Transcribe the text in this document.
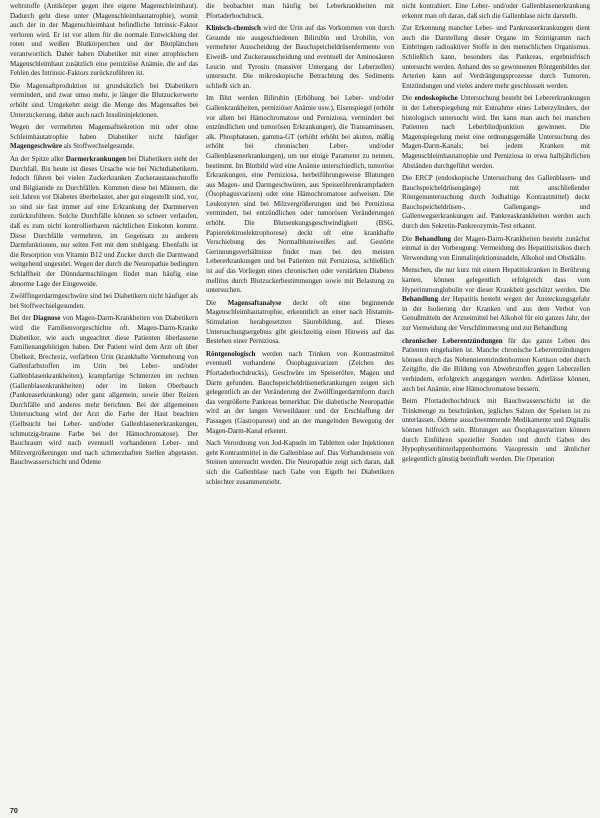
wehrstoffe (Antikörper gegen ihre eigene Magenschleimhaut). Dadurch geht diese unter (Magenschleimhautatrophie), womit auch der in der Magenschleimhaut befindliche Intrinsic-Faktor verloren wird. Er ist vor allem für die normale Entwicklung der roten und weißen Blutkörperchen und der Blutplättchen verantwortlich. Daher haben Diabetiker mit einer atrophischen Magenschleimhaut zusätzlich eine perniziöse Anämie, die auf das Fehlen des Intrinsic-Faktors zurückzuführen ist.

Die Magensaftproduktion ist grundsätzlich bei Diabetikern vermindert, und zwar umso mehr, je länger die Blutzuckerwerte erhöht sind. Umgekehrt steigt die Menge des Magensaftes bei Unterzuckerung, daher auch nach Insulininjektionen.

Wegen der vermehrten Magensaftsekretion mit oder ohne Schleimhautatrophie haben Diabetiker nicht häufiger Magengeschwüre als Stoffwechselgesunde.

An der Spitze aller Darmerkrankungen bei Diabetikern steht der Durchfall. Bis heute ist dieses Ursache wie bei Nichtdiabetikern. Jedoch führen bei vielen Zuckerkranken Zuckeraustauschstoffe und Bilguanide zu Durchfällen. Kommen diese bei Männern, die seit Jahren vor Diabetes überbelastet, aber gut eingestellt sind, vor, so sind sie fast immer auf eine Erkrankung der Darmnerven zurückzuführen. Solche Durchfälle können so schwer verlaufen, daß es zum nicht kontrollierbaren nächtlichen Einkoten kommt. Diese Durchfälle vermehren, im Gegensatz zu anderen Darmfunktionen, nur selten Fett mit dem stuhlgang. Ebenfalls ist die Resorption von Vitamin B12 und Zucker durch die Darmwand weitgehend ungestört. Wegen der durch die Neuropathie bedingten Schlaffheit der Dünndarmschlingen findet man häufig eine abnorme Lage der Eingeweide.

Zwölffingerdarmgeschwüre sind bei Diabetikern nicht häufiger als bei Stoffwechselgesunden.

Bei der Diagnose von Magen-Darm-Krankheiten von Diabetikern wird die Familienvorgeschichte oft. Magen-Darm-Kranke Diabetiker, wie auch ungeachtet diese Patienten überlassene Familienangehörigen haben. Der Patient wird dem Arzt oft über Übelkeit, Brechreiz, verfärbten Urin (krankhafte Vermehrung von Gallenfarbstoffen im Urin bei Leber- und/oder Gallenblasenkrankheiten), krampfartige Schmerzen im rechten (Gallenblasenkrankheiten) oder im linken Oberbauch (Pankreaserkrankung) oder ganz allgemein, sowie über Reizen Durchfälle und anderes mehr berichten. Bei der allgemeinen Untersuchung wird der Arzt die Farbe der Haut beachten (Gelbsucht bei Leber- und/oder Gallenblasenerkrankungen, schmutzig-braune Farbe bei der Hämochromatose). Der Bauchraum wird nach eventuell vorhandenen Leber- und Milzvergrößerungen und nach schmerzhaften Stellen abgetastet. Bauchwasserschicht und Ödeme

die beobachtet man häufig bei Leberkrankheiten mit Pfortaderhochdruck.

Klinisch-chemisch wird der Urin auf das Vorkommen von durch Gesunde nie ausgeschiedenen Bilirubin und Urobilin, von vermehrter Ausscheidung der Bauchspeicheldrüsenfermente von Eiweiß- und Zuckerausscheidung und eventuell der Aminosäuren Leucin und Tyrosin (massiver Untergang der Leberzellen) untersucht. Die mikroskopische Betrachtung des Sediments schließt sich an.

Im Blut werden Bilirubin (Erhöhung bei Leber- und/oder Gallenkrankheiten, perniziöser Anämie usw.), Eisenspiegel (erhöht vor allem bei Hämochromatose und Perniziosa, vermindert bei entzündlichen und tumorösen Erkrankungen), die Transaminasen, alk. Phosphatasen, gamma-GT (erhöht erhöht bei akuten, mäßig erhöht bei chronischen Leber- und/oder Gallenblasenerkrankungen), um nur einige Parameter zu nennen, bestimmt. Im Blutbild wird eine Anämie unterschiedlich, tumoröse Erkrankungen, eine Perniziosa, herbeiführungsweise Blutungen aus Magen- und Darmgeschwüren, aus Speiseröhrenkrampfadern (Ösophagusvarizen) oder eine Hämochromatose aufweisen. Die Leukozyten sind bei Milzvergrößerungen und bei Perniziosa vermindert, bei entzündlichen oder tumorösen Veränderungen erhöht. Die Blutsenkungsgeschwindigkeit (BSG, Papierelektroelektrophorese) deckt oft eine krankhafte Verschiebung des Normalbluteiweißes auf. Gestörte Gerinnungsverhältnisse findet man bei den meisten Lebererkrankungen und bei Patienten mit Perniziosa, schließlich ist auf das Vorliegen eines chronischen oder verstärkten Diabetes mellitus durch Blutzuckerbestimmungen sowie mit Belastung zu untersuchen.

Die Magensaftanalyse deckt oft eine beginnende Magenschleimhautatrophie, erkenntlich an einer nach Histamin-Stimulation herabgesetzten Säurebildung, auf. Dieses Untersuchungsergebnis gibt gleichzeitig einen Hinweis auf das Bestehen einer Perniziosa.

Röntgenologisch werden nach Trinken von Kontrastmittel eventuell vorhandene Ösophagusvarizen (Zeichen des Pfortaderhochdrucks), Geschwüre im Speiseröhre, Magen und Darm gefunden. Bauchspeicheldrüsenerkrankungen zeigen sich gelegentlich an der Veränderung der Zwölffingerdarmform durch das vergrößerte Pankreas bemerkbar. Die diabetische Neuropathie wird an der langen Verweildauer und der Erschlaffung der Passagen (Gastroparese) und an der mangelnden Bewegung der Magen-Darm-Kanal erkennt.

Nach Verordnung von Jod-Kapseln im Tabletten oder Injektionen geht Kontrastmittel in die Gallenblase auf. Das Vorhandensein von Steinen untersucht werden. Die Neuropathie zeigt sich daran, daß sich die Gallenblase nach Gabe von Eigelb bei Diabetikern schlechter zusammenzieht.

nicht kontrahiert. Eine Leber- und/oder Gallenblasenerkrankung erkennt man oft daran, daß sich die Gallenblase nicht darstellt.

Zur Erkennung mancher Leber- und Pankreaserkrankungen dient auch die Darstellung dieser Organe im Szintigramm nach Einbringen radioaktiver Stoffe in den menschlichen Organismus. Schließlich kann, besonders das Pankreas, ergebnisfrisch untersucht werden. Anhand des so gewonnenen Röntgenbildes der Arterien kann auf Verdrängungsprozesse durch Tumoren, Entzündungen und vieles andere mehr geschlossen werden.

Die endoskopische Untersuchung besteht bei Lebererkrankungen in der Leberspiegelung mit Entnahme eines Leberzylinders, der histologisch untersucht wird. Ihn kann man auch bei manchen Patienten nach Leberblindpunktion gewinnen. Die Magenspiegelung meist eine ordnungsgemäße Untersuchung des Magen-Darm-Kanals; bei jedem Kranken mit Magenschleimhautatrophie und Perniziosa in etwa halbjährlichen Abständen durchgeführt werden.

Die ERCP (endoskopische Untersuchung des Gallenblasen- und Bauchspeicheldrüsengänge) mit anschließender Röntgenuntersuchung durch Jodhaltige Kontrastmittel) deckt Bauchspeicheldrüsen-, Gallengangs- und Gallenwegserkrankungen auf. Pankreaskrankheiten werden auch durch den Sekretin-Pankreozymin-Test erkannt.

Die Behandlung der Magen-Darm-Krankheiten besteht zunächst einmal in der Vorbeugung: Vermeidung des Hepatitisrisikos durch Verwendung von Einmalinjektionsnadeln, Alkohol und Obstkälte.

Menschen, die nur kurz mit einem Hepatitiskranken in Berührung kamen, können gelegentlich erfolgreich dass vom Hyperimmunglobulin vor dieser Krankheit geschützt werden. Die Behandlung der Hepatitis besteht wegen der Ansteckungsgefahr in der Isolierung der Kranken und aus dem Verbot von Genußmitteln der Arzneimittel bei Alkohol für ein ganzes Jahr, der zur Vermeidung der Verschlimmerung und zur Behandlung

chronischer Leberentzündungen für das ganze Leben des Patienten eingehalten ist. Manche chronische Leberentzündungen können durch das Nebennierenrindenhormon Kortison oder durch Zeitgifte, die die Bildung von Abwehrstoffen gegen Leberzellen verhindern, erfolgreich angegangen werden. Aderlässe können, auch bei Anämie, eine Hämochromatose bessern.

Beim Pfortaderhochdruck mit Bauchwasserschicht ist die Trinkmenge zu beschränken, jegliches Salzen der Speisen ist zu unterlassen. Ödeme ausschwemmende Medikamente und Digitalis können hilfreich sein. Blutungen aus Ösophagusvarizen können durch Einführen spezieller Sonden und durch Gaben des Hypophysenhinterlappenhormons Vasopressin und ähnlicher gelegentlich günstig beeinflußt werden. Die Operation

70
